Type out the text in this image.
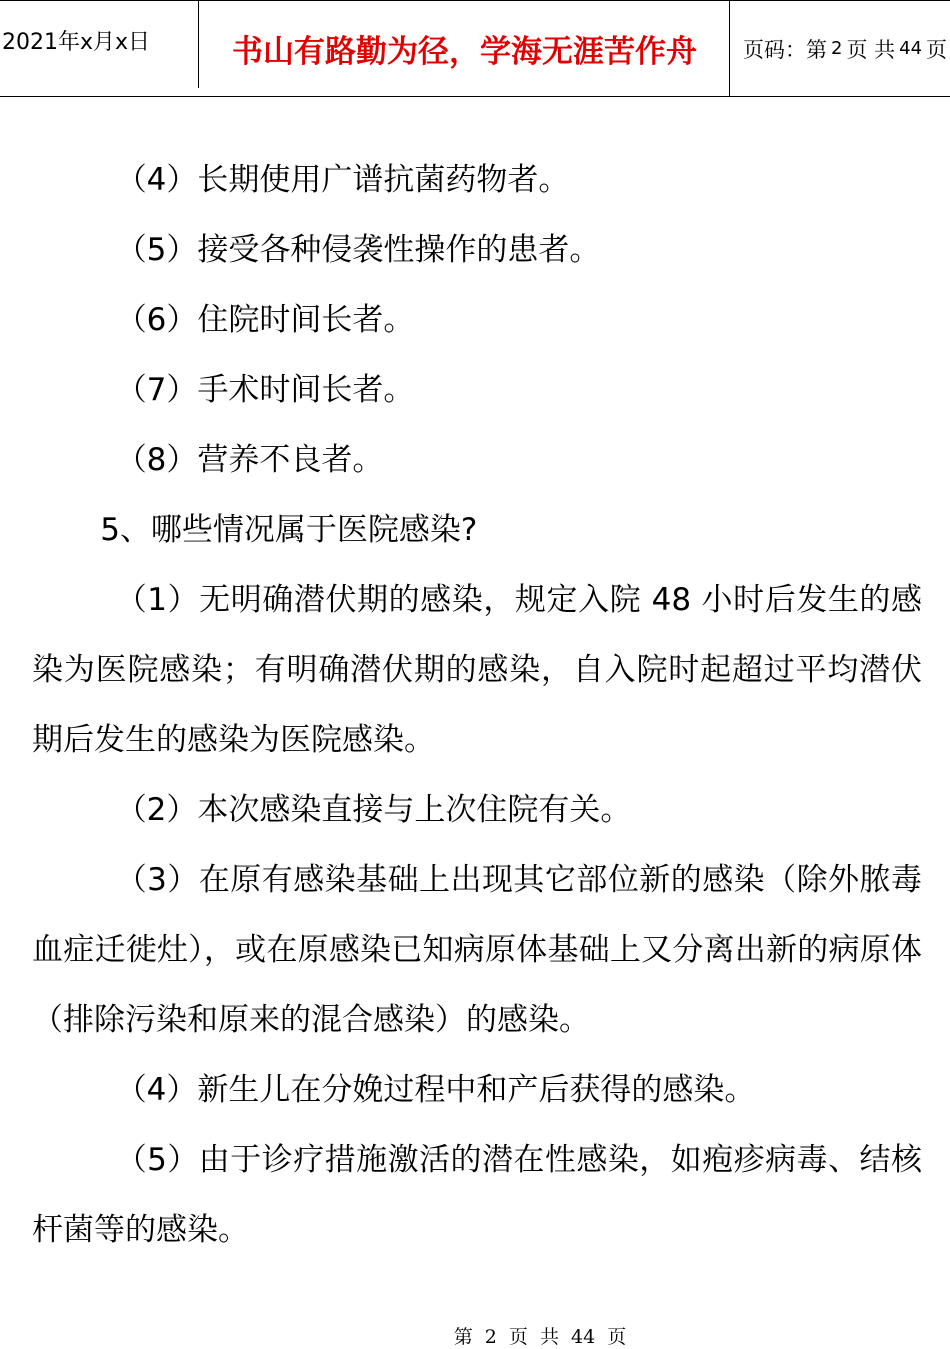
2021年x月x日	书山有路勤为径，学海无涯苦作舟	页码：第 2 页 共 44 页

（4）长期使用广谱抗菌药物者。

（5）接受各种侵袭性操作的患者。

（6）住院时间长者。

（7）手术时间长者。

（8）营养不良者。

5、哪些情况属于医院感染?

（1）无明确潜伏期的感染，规定入院 48 小时后发生的感染为医院感染；有明确潜伏期的感染，自入院时起超过平均潜伏期后发生的感染为医院感染。

（2）本次感染直接与上次住院有关。

（3）在原有感染基础上出现其它部位新的感染（除外脓毒血症迁徙灶），或在原感染已知病原体基础上又分离出新的病原体（排除污染和原来的混合感染）的感染。

（4）新生儿在分娩过程中和产后获得的感染。

（5）由于诊疗措施激活的潜在性感染，如疱疹病毒、结核杆菌等的感染。

第 2 页 共 44 页
